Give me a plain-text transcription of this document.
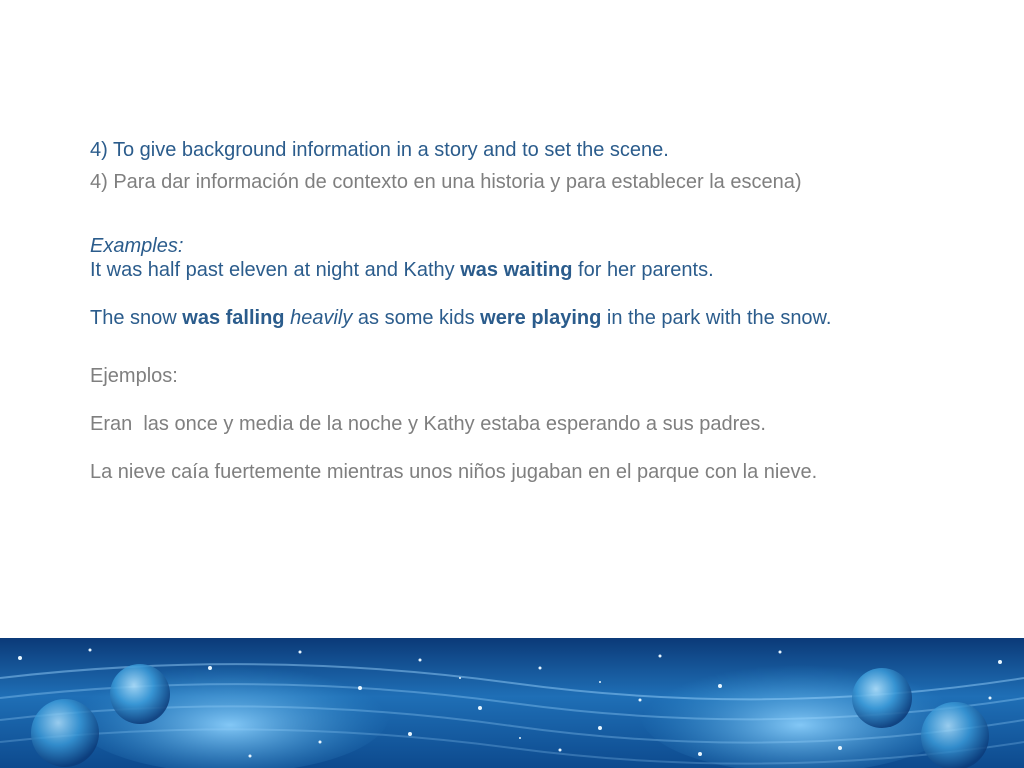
4) To give background information in a story and to set the scene.

4) Para dar información de contexto en una historia y para establecer la escena)

Examples:

It was half past eleven at night and Kathy was waiting for her parents.

The snow was falling heavily as some kids were playing in the park with the snow.

Ejemplos:

Eran  las once y media de la noche y Kathy estaba esperando a sus padres.

La nieve caía fuertemente mientras unos niños jugaban en el parque con la nieve.
